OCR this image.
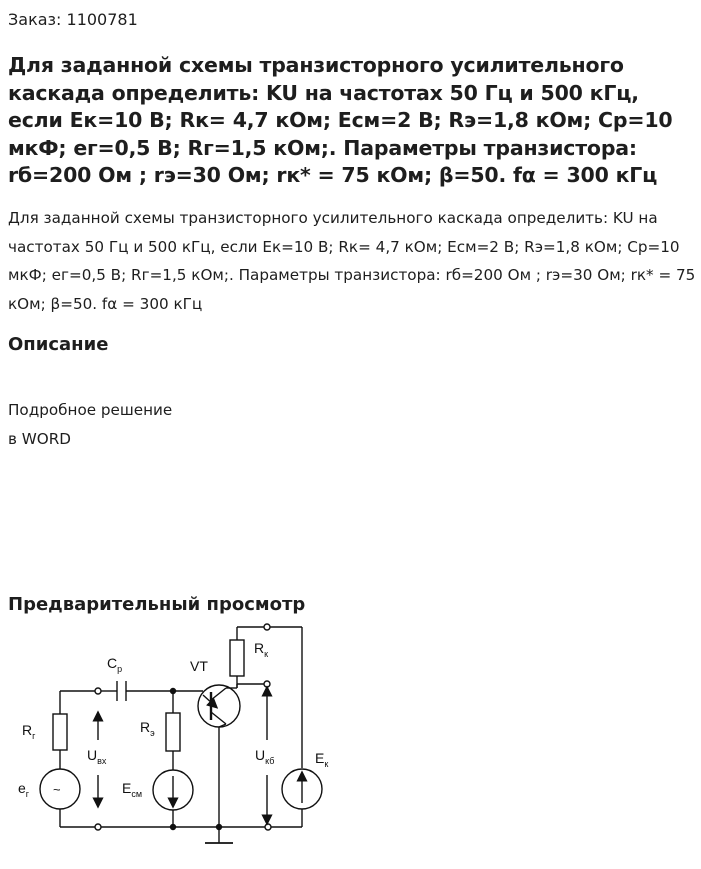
Заказ: 1100781
Для заданной схемы транзисторного усилительного каскада определить: KU на частотах 50 Гц и 500 кГц, если Ек=10 В; Rк= 4,7 кОм; Eсм=2 В; Rэ=1,8 кОм; Ср=10 мкФ; ег=0,5 В; Rг=1,5 кОм;. Параметры транзистора: rб=200 Ом ; rэ=30 Ом; rк* = 75 кОм; β=50. fα = 300 кГц

Для заданной схемы транзисторного усилительного каскада определить: KU на частотах 50 Гц и 500 кГц, если Ек=10 В; Rк= 4,7 кОм; Eсм=2 В; Rэ=1,8 кОм; Ср=10 мкФ; ег=0,5 В; Rг=1,5 кОм;. Параметры транзистора: rб=200 Ом ; rэ=30 Ом; rк* = 75 кОм; β=50. fα = 300 кГц

Описание
Подробное решение
в WORD
Предварительный просмотр
$R_г$
$e_г$ ~
$C_р$
$R_э$
$U_{вх}$
$E_{см}$
VT
$R_к$
$U_{кб}$	$E_к$
